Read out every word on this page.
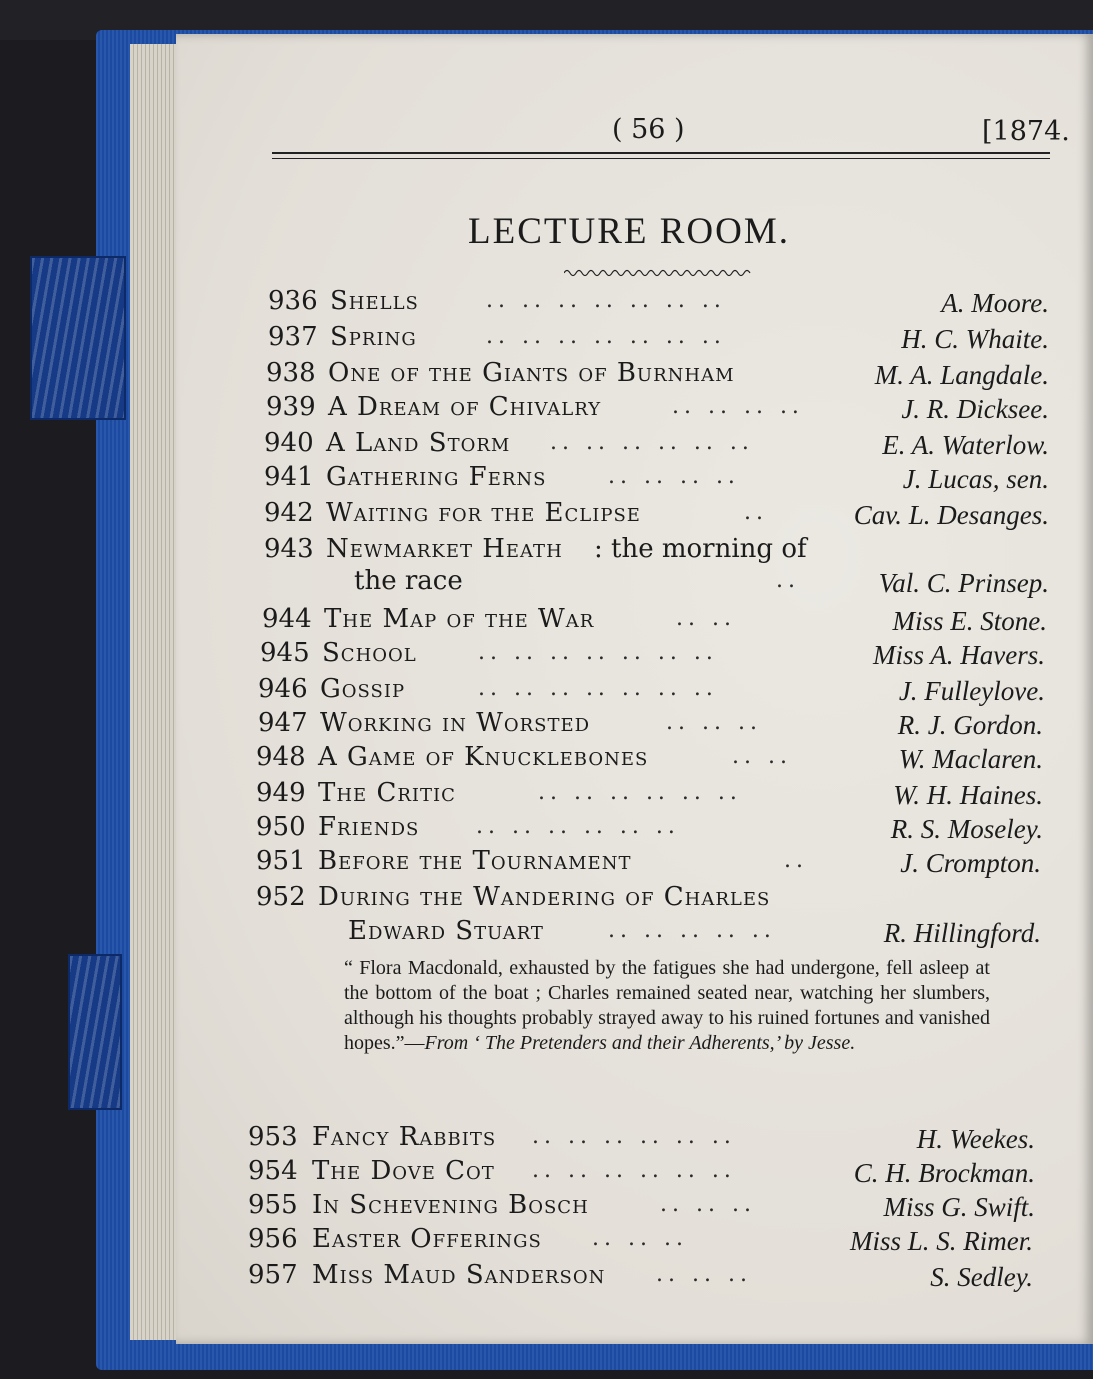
( 56 )	[1874.
LECTURE ROOM.
936 Shells	.. .. .. .. .. .. ..	A. Moore.
937 Spring	.. .. .. .. .. .. ..	H. C. Whaite.
938 One of the Giants of Burnham	M. A. Langdale.
939 A Dream of Chivalry	.. .. .. ..	J. R. Dicksee.
940 A Land Storm .. .. .. .. .. ..	E. A. Waterlow.
941 Gathering Ferns	.. .. .. ..	J. Lucas, sen.
942 Waiting for the Eclipse	..	Cav. L. Desanges.
943 Newmarket Heath : the morning of
the race	..	Val. C. Prinsep.
944 The Map of the War	.. ..	Miss E. Stone.
945 School	.. .. .. .. .. .. ..	Miss A. Havers.
946 Gossip	.. .. .. .. .. .. ..	J. Fulleylove.
947 Working in Worsted	.. .. ..	R. J. Gordon.
948 A Game of Knucklebones	.. ..	W. Maclaren.
949 The Critic	.. .. .. .. .. ..	W. H. Haines.
950 Friends	.. .. .. .. .. ..	R. S. Moseley.
951 Before the Tournament	..	J. Crompton.
952 During the Wandering of Charles
Edward Stuart	.. .. .. .. ..	R. Hillingford.
“ Flora Macdonald, exhausted by the fatigues she had undergone, fell asleep at the bottom of the boat ; Charles remained seated near, watching her slumbers, although his thoughts probably strayed away to his ruined fortunes and vanished hopes.”—From ‘ The Pretenders and their Adherents,’ by Jesse.
953 Fancy Rabbits .. .. .. .. .. ..	H. Weekes.
954 The Dove Cot .. .. .. .. .. ..	C. H. Brockman.
955 In Schevening Bosch	.. .. ..	Miss G. Swift.
956 Easter Offerings .. .. ..	Miss L. S. Rimer.
957 Miss Maud Sanderson .. .. ..	S. Sedley.
